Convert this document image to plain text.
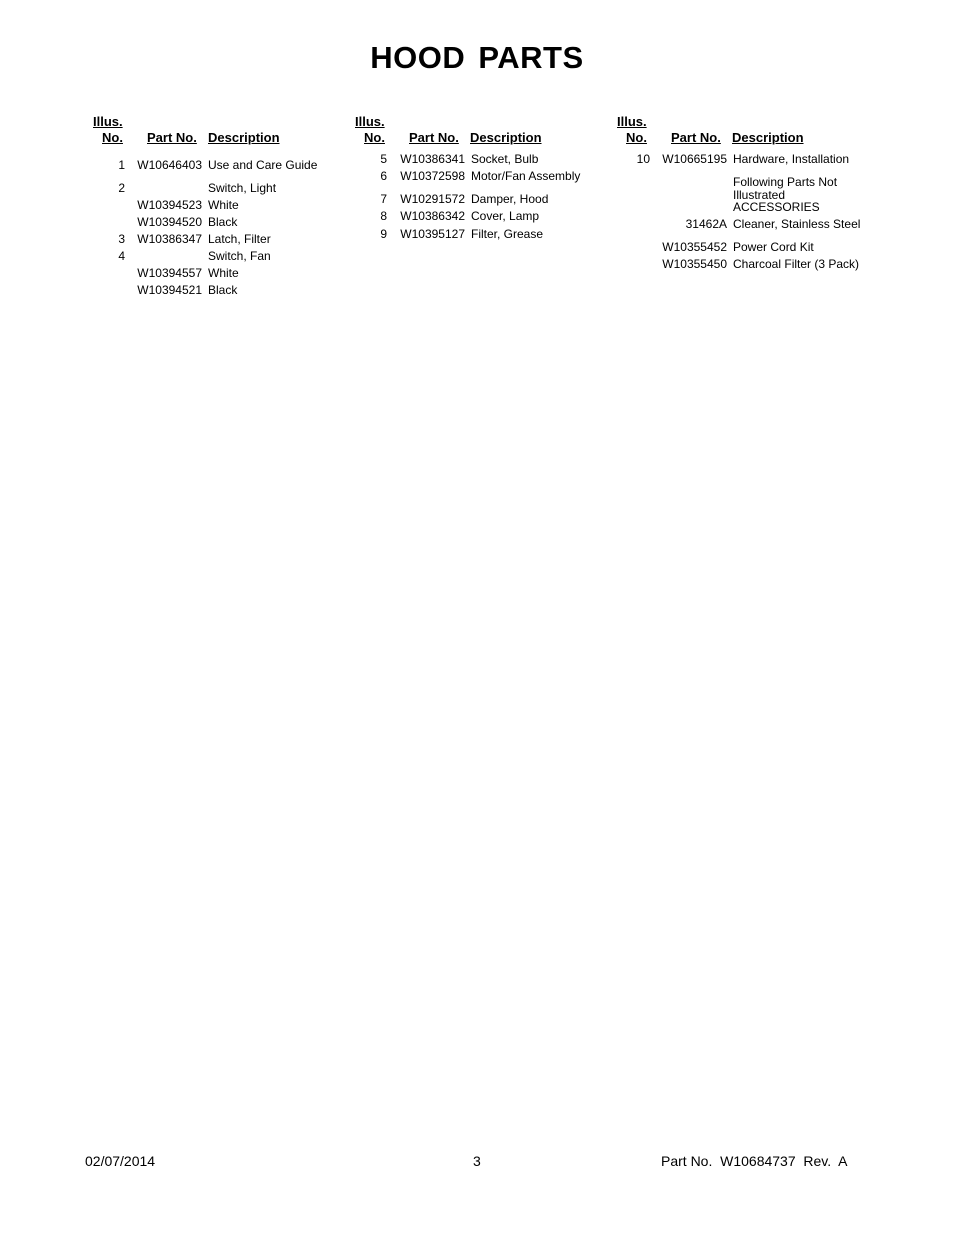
HOOD PARTS
Illus.
No. Part No. Description
1 W10646403 Use and Care Guide
2	Switch, Light
W10394523 White
W10394520 Black
3 W10386347 Latch, Filter
4	Switch, Fan
W10394557 White
W10394521 Black
Illus.
No. Part No. Description
5 W10386341 Socket, Bulb
6 W10372598 Motor/Fan Assembly
7 W10291572 Damper, Hood
8 W10386342 Cover, Lamp
9 W10395127 Filter, Grease
Illus.
No. Part No. Description
10 W10665195 Hardware, Installation
Following Parts Not
Illustrated
ACCESSORIES
31462A Cleaner, Stainless Steel
W10355452 Power Cord Kit
W10355450 Charcoal Filter (3 Pack)
02/07/2014	3	Part No.  W10684737  Rev.  A
